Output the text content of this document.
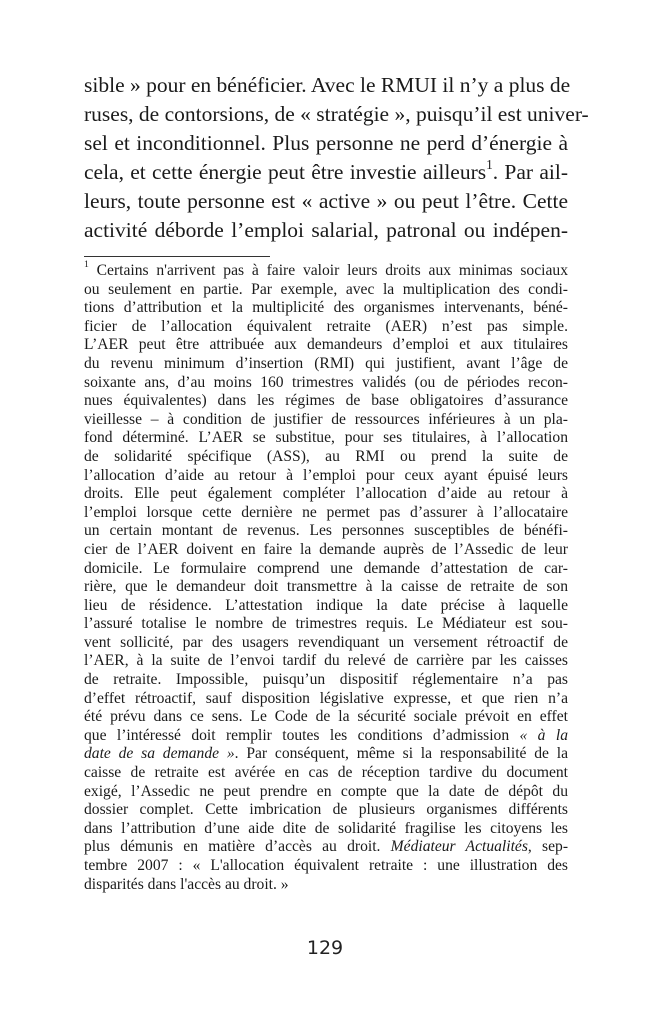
sible » pour en bénéficier. Avec le RMUI il n’y a plus de
ruses, de contorsions, de « stratégie », puisqu’il est univer-
sel et inconditionnel. Plus personne ne perd d’énergie à
cela, et cette énergie peut être investie ailleurs$^1$. Par ail-
leurs, toute personne est « active » ou peut l’être. Cette
activité déborde l’emploi salarial, patronal ou indépen-

$^1$ Certains n'arrivent pas à faire valoir leurs droits aux minimas sociaux
ou seulement en partie. Par exemple, avec la multiplication des condi-
tions d’attribution et la multiplicité des organismes intervenants, béné-
ficier de l’allocation équivalent retraite (AER) n’est pas simple.
L’AER peut être attribuée aux demandeurs d’emploi et aux titulaires
du revenu minimum d’insertion (RMI) qui justifient, avant l’âge de
soixante ans, d’au moins 160 trimestres validés (ou de périodes recon-
nues équivalentes) dans les régimes de base obligatoires d’assurance
vieillesse – à condition de justifier de ressources inférieures à un pla-
fond déterminé. L’AER se substitue, pour ses titulaires, à l’allocation
de solidarité spécifique (ASS), au RMI ou prend la suite de
l’allocation d’aide au retour à l’emploi pour ceux ayant épuisé leurs
droits. Elle peut également compléter l’allocation d’aide au retour à
l’emploi lorsque cette dernière ne permet pas d’assurer à l’allocataire
un certain montant de revenus. Les personnes susceptibles de bénéfi-
cier de l’AER doivent en faire la demande auprès de l’Assedic de leur
domicile. Le formulaire comprend une demande d’attestation de car-
rière, que le demandeur doit transmettre à la caisse de retraite de son
lieu de résidence. L’attestation indique la date précise à laquelle
l’assuré totalise le nombre de trimestres requis. Le Médiateur est sou-
vent sollicité, par des usagers revendiquant un versement rétroactif de
l’AER, à la suite de l’envoi tardif du relevé de carrière par les caisses
de retraite. Impossible, puisqu’un dispositif réglementaire n’a pas
d’effet rétroactif, sauf disposition législative expresse, et que rien n’a
été prévu dans ce sens. Le Code de la sécurité sociale prévoit en effet
que l’intéressé doit remplir toutes les conditions d’admission « à la
date de sa demande ». Par conséquent, même si la responsabilité de la
caisse de retraite est avérée en cas de réception tardive du document
exigé, l’Assedic ne peut prendre en compte que la date de dépôt du
dossier complet. Cette imbrication de plusieurs organismes différents
dans l’attribution d’une aide dite de solidarité fragilise les citoyens les
plus démunis en matière d’accès au droit. Médiateur Actualités, sep-
tembre 2007 : « L'allocation équivalent retraite : une illustration des
disparités dans l'accès au droit. »

129
